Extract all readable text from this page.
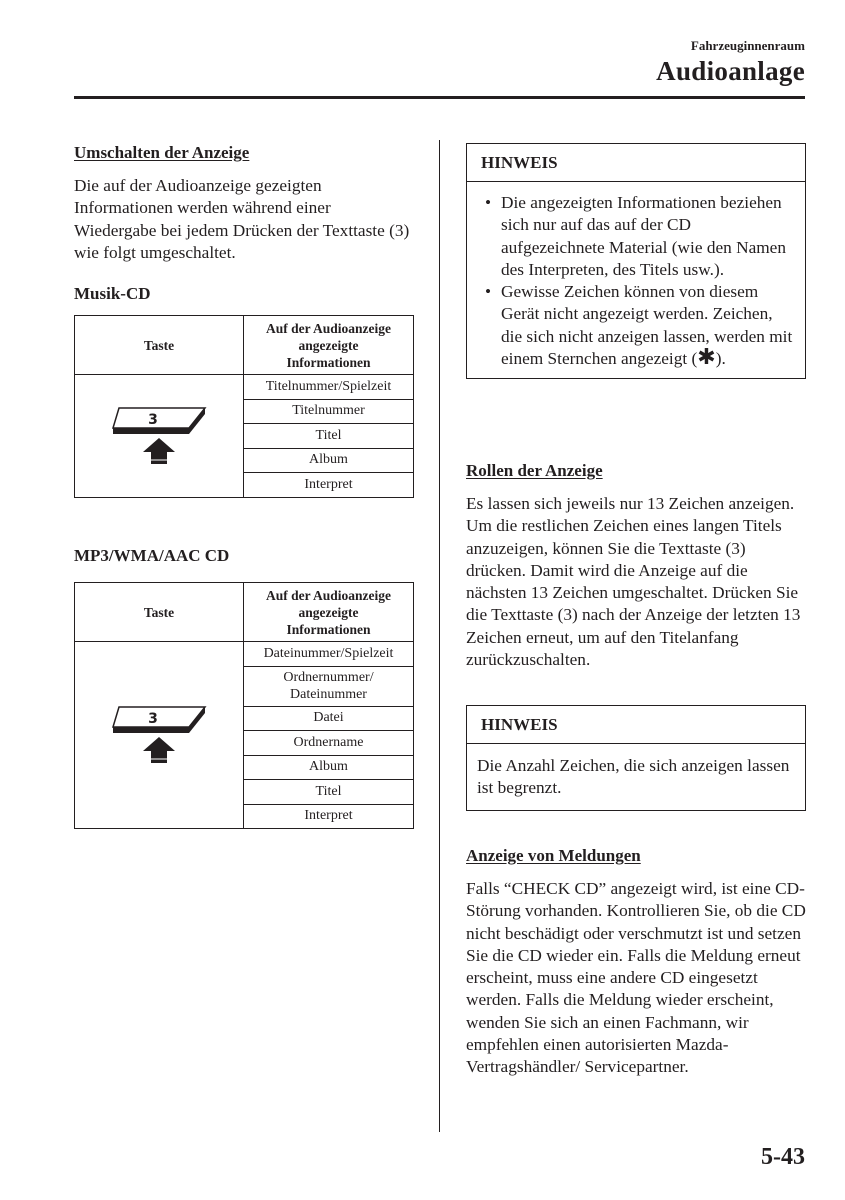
Fahrzeuginnenraum
Audioanlage

Umschalten der Anzeige

Die auf der Audioanzeige gezeigten Informationen werden während einer Wiedergabe bei jedem Drücken der Texttaste (3) wie folgt umgeschaltet.

Musik-CD

Taste	Auf der Audioanzeige
angezeigte
Informationen

3	Titelnummer/Spielzeit
	Titelnummer
	Titel
	Album
	Interpret

MP3/WMA/AAC CD

Taste	Auf der Audioanzeige
angezeigte
Informationen

3	Dateinummer/Spielzeit
	Ordnernummer/
Dateinummer
	Datei
	Ordnername
	Album
	Titel
	Interpret
HINWEIS
• Die angezeigten Informationen beziehen sich nur auf das auf der CD aufgezeichnete Material (wie den Namen des Interpreten, des Titels usw.).
• Gewisse Zeichen können von diesem Gerät nicht angezeigt werden. Zeichen, die sich nicht anzeigen lassen, werden mit einem Sternchen angezeigt (✱).

Rollen der Anzeige

Es lassen sich jeweils nur 13 Zeichen anzeigen. Um die restlichen Zeichen eines langen Titels anzuzeigen, können Sie die Texttaste (3) drücken. Damit wird die Anzeige auf die nächsten 13 Zeichen umgeschaltet. Drücken Sie die Texttaste (3) nach der Anzeige der letzten 13 Zeichen erneut, um auf den Titelanfang zurückzuschalten.

HINWEIS
Die Anzahl Zeichen, die sich anzeigen lassen ist begrenzt.

Anzeige von Meldungen

Falls “CHECK CD” angezeigt wird, ist eine CD-Störung vorhanden. Kontrollieren Sie, ob die CD nicht beschädigt oder verschmutzt ist und setzen Sie die CD wieder ein. Falls die Meldung erneut erscheint, muss eine andere CD eingesetzt werden. Falls die Meldung wieder erscheint, wenden Sie sich an einen Fachmann, wir empfehlen einen autorisierten Mazda-Vertragshändler/ Servicepartner.

5-43
